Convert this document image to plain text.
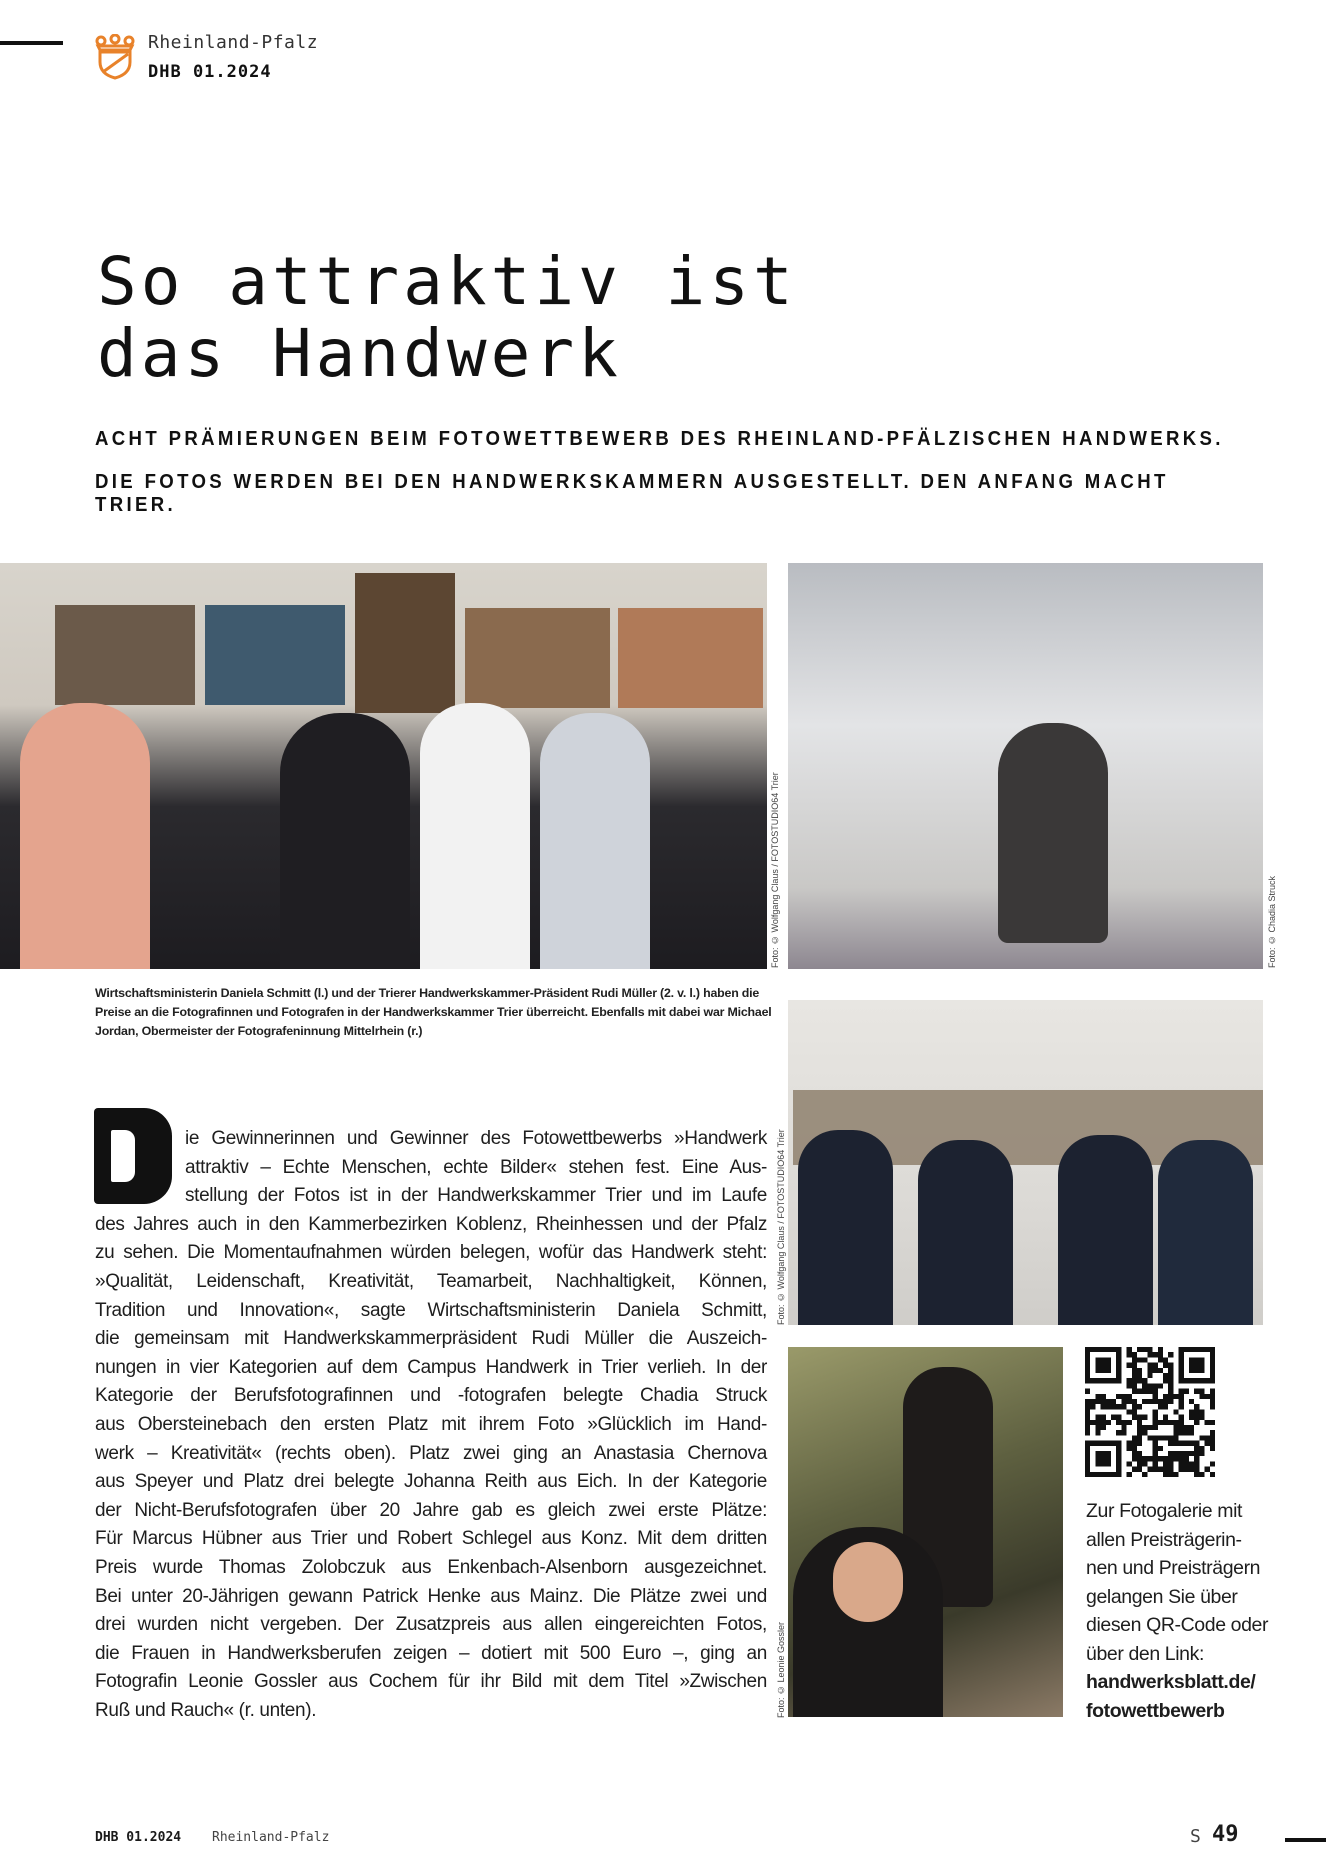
Rheinland-Pfalz
DHB 01.2024
So attraktiv ist
das Handwerk
ACHT PRÄMIERUNGEN BEIM FOTOWETTBEWERB DES RHEINLAND-PFÄLZISCHEN HANDWERKS.
DIE FOTOS WERDEN BEI DEN HANDWERKSKAMMERN AUSGESTELLT. DEN ANFANG MACHT TRIER.
Foto: © Wolfgang Claus / FOTOSTUDIO64 Trier	Foto: © Chadia Struck
Wirtschaftsministerin Daniela Schmitt (l.) und der Trierer Handwerkskammer-Präsident Rudi Müller (2. v. l.) haben die Preise an die Fotografinnen und Fotografen in der Handwerkskammer Trier überreicht. Ebenfalls mit dabei war Michael Jordan, Obermeister der Fotografeninnung Mittelrhein (r.)
Foto: © Wolfgang Claus / FOTOSTUDIO64 Trier
Foto: © Leonie Gossler
ie Gewinnerinnen und Gewinner des Fotowettbewerbs »Handwerk
attraktiv – Echte Menschen, echte Bilder« stehen fest. Eine Aus-
stellung der Fotos ist in der Handwerkskammer Trier und im Laufe
des Jahres auch in den Kammerbezirken Koblenz, Rheinhessen und der Pfalz
zu sehen. Die Momentaufnahmen würden belegen, wofür das Handwerk steht:
»Qualität, Leidenschaft, Kreativität, Teamarbeit, Nachhaltigkeit, Können,
Tradition und Innovation«, sagte Wirtschaftsministerin Daniela Schmitt,
die gemeinsam mit Handwerkskammerpräsident Rudi Müller die Auszeich-
nungen in vier Kategorien auf dem Campus Handwerk in Trier verlieh. In der
Kategorie der Berufsfotografinnen und -fotografen belegte Chadia Struck
aus Obersteinebach den ersten Platz mit ihrem Foto »Glücklich im Hand-
werk – Kreativität« (rechts oben). Platz zwei ging an Anastasia Chernova
aus Speyer und Platz drei belegte Johanna Reith aus Eich. In der Kategorie
der Nicht-Berufsfotografen über 20 Jahre gab es gleich zwei erste Plätze:
Für Marcus Hübner aus Trier und Robert Schlegel aus Konz. Mit dem dritten
Preis wurde Thomas Zolobczuk aus Enkenbach-Alsenborn ausgezeichnet.
Bei unter 20-Jährigen gewann Patrick Henke aus Mainz. Die Plätze zwei und
drei wurden nicht vergeben. Der Zusatzpreis aus allen eingereichten Fotos,
die Frauen in Handwerksberufen zeigen – dotiert mit 500 Euro –, ging an
Fotografin Leonie Gossler aus Cochem für ihr Bild mit dem Titel »Zwischen
Ruß und Rauch« (r. unten).
Zur Fotogalerie mit
allen Preisträgerin-
nen und Preisträgern
gelangen Sie über
diesen QR-Code oder
über den Link:
handwerksblatt.de/
fotowettbewerb
DHB 01.2024 Rheinland-Pfalz	S 49
